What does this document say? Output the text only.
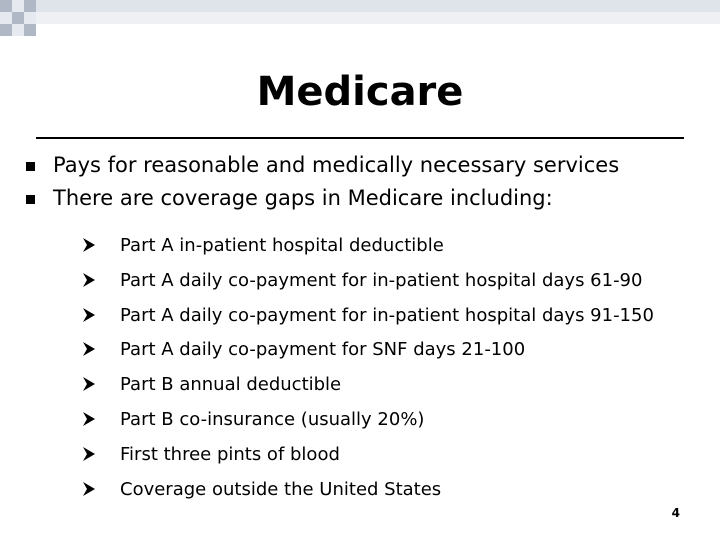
Medicare
Pays for reasonable and medically necessary services
There are coverage gaps in Medicare including:
Part A in-patient hospital deductible
Part A daily co-payment for in-patient hospital days 61-90
Part A daily co-payment for in-patient hospital days 91-150
Part A daily co-payment for SNF days 21-100
Part B annual deductible
Part B co-insurance (usually 20%)
First three pints of blood
Coverage outside the United States
4
